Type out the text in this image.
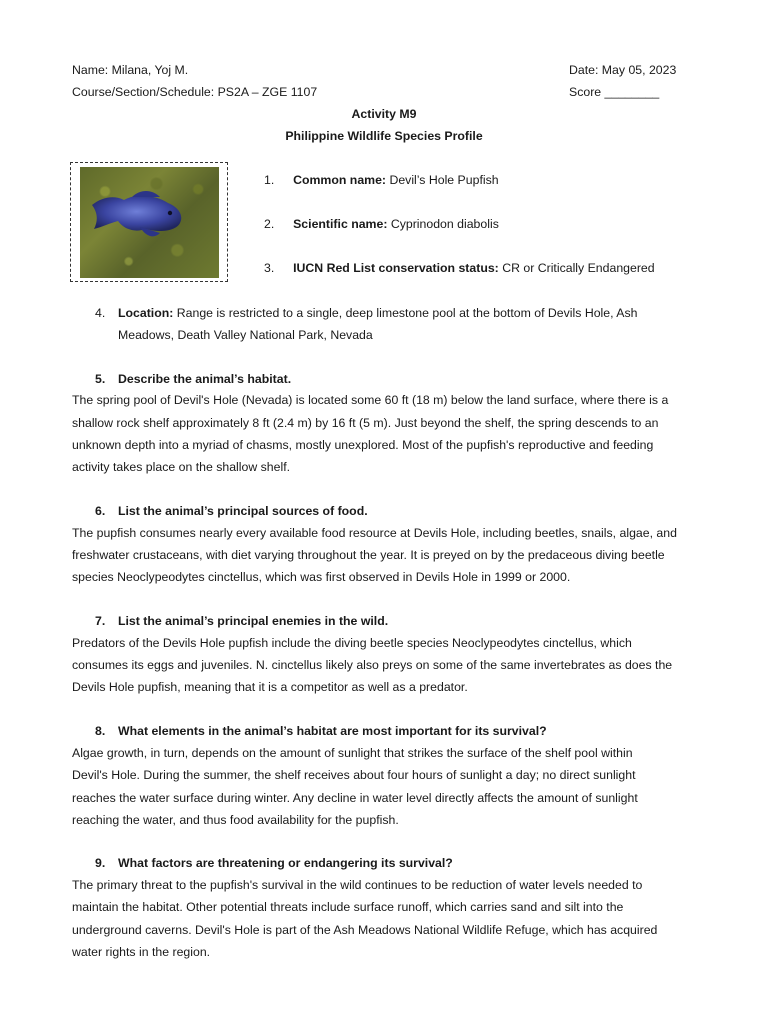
Name: Milana, Yoj M.	Date: May 05, 2023
Course/Section/Schedule: PS2A – ZGE 1107	Score ________
Activity M9
Philippine Wildlife Species Profile
1. Common name: Devil’s Hole Pupfish
2. Scientific name: Cyprinodon diabolis
3. IUCN Red List conservation status: CR or Critically Endangered
4. Location: Range is restricted to a single, deep limestone pool at the bottom of Devils Hole, Ash
Meadows, Death Valley National Park, Nevada
5. Describe the animal’s habitat.
The spring pool of Devil's Hole (Nevada) is located some 60 ft (18 m) below the land surface, where there is a
shallow rock shelf approximately 8 ft (2.4 m) by 16 ft (5 m). Just beyond the shelf, the spring descends to an
unknown depth into a myriad of chasms, mostly unexplored. Most of the pupfish's reproductive and feeding
activity takes place on the shallow shelf.
6. List the animal’s principal sources of food.
The pupfish consumes nearly every available food resource at Devils Hole, including beetles, snails, algae, and
freshwater crustaceans, with diet varying throughout the year. It is preyed on by the predaceous diving beetle
species Neoclypeodytes cinctellus, which was first observed in Devils Hole in 1999 or 2000.
7. List the animal’s principal enemies in the wild.
Predators of the Devils Hole pupfish include the diving beetle species Neoclypeodytes cinctellus, which
consumes its eggs and juveniles. N. cinctellus likely also preys on some of the same invertebrates as does the
Devils Hole pupfish, meaning that it is a competitor as well as a predator.
8. What elements in the animal’s habitat are most important for its survival?
Algae growth, in turn, depends on the amount of sunlight that strikes the surface of the shelf pool within
Devil's Hole. During the summer, the shelf receives about four hours of sunlight a day; no direct sunlight
reaches the water surface during winter. Any decline in water level directly affects the amount of sunlight
reaching the water, and thus food availability for the pupfish.
9. What factors are threatening or endangering its survival?
The primary threat to the pupfish's survival in the wild continues to be reduction of water levels needed to
maintain the habitat. Other potential threats include surface runoff, which carries sand and silt into the
underground caverns. Devil's Hole is part of the Ash Meadows National Wildlife Refuge, which has acquired
water rights in the region.
